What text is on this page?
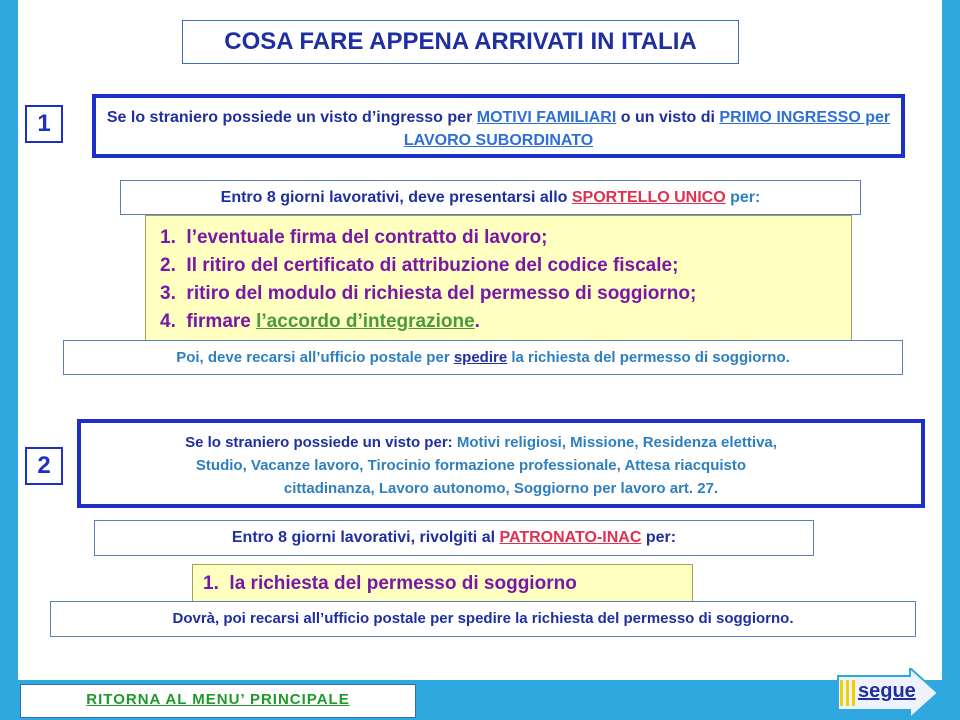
COSA FARE APPENA ARRIVATI IN ITALIA
1	Se lo straniero possiede un visto d’ingresso per MOTIVI FAMILIARI o un visto di PRIMO INGRESSO per LAVORO SUBORDINATO
Entro 8 giorni lavorativi, deve presentarsi allo SPORTELLO UNICO per:
1. l’eventuale firma del contratto di lavoro;
2. Il ritiro del certificato di attribuzione del codice fiscale;
3. ritiro del modulo di richiesta del permesso di soggiorno;
4. firmare l’accordo d’integrazione.
Poi, deve recarsi all’ufficio postale per spedire la richiesta del permesso di soggiorno.
2
Se lo straniero possiede un visto per: Motivi religiosi, Missione, Residenza elettiva,
Studio, Vacanze lavoro, Tirocinio formazione professionale, Attesa riacquisto
cittadinanza, Lavoro autonomo, Soggiorno per lavoro art. 27.
Entro 8 giorni lavorativi, rivolgiti al PATRONATO-INAC per:
1. la richiesta del permesso di soggiorno
Dovrà, poi recarsi all’ufficio postale per spedire la richiesta del permesso di soggiorno.
RITORNA AL MENU’ PRINCIPALE	segue
